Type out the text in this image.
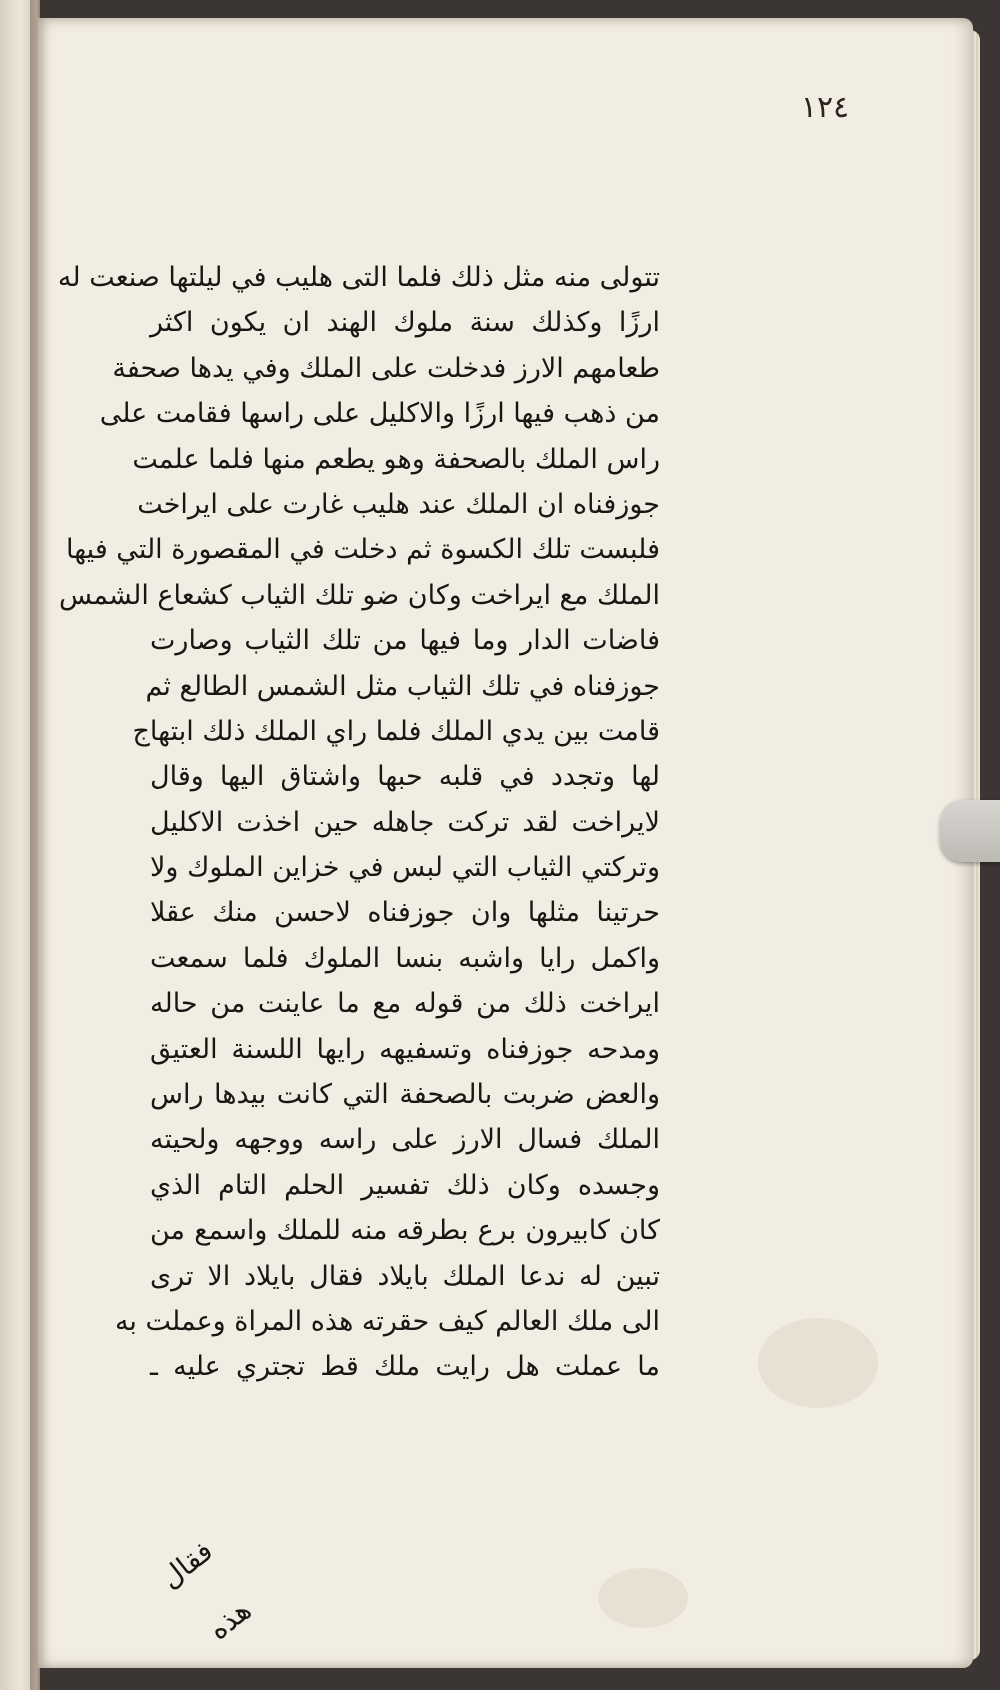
١٢٤
تتولى منه مثل ذلك فلما التى هليب في ليلتها صنعت له
ارزًا وكذلك سنة ملوك الهند ان يكون اكثر
طعامهم الارز فدخلت على الملك وفي يدها صحفة
من ذهب فيها ارزًا والاكليل على راسها فقامت على
راس الملك بالصحفة وهو يطعم منها فلما علمت
جوزفناه ان الملك عند هليب غارت على ايراخت
فلبست تلك الكسوة ثم دخلت في المقصورة التي فيها
الملك مع ايراخت وكان ضو تلك الثياب كشعاع الشمس
فاضات الدار وما فيها من تلك الثياب وصارت
جوزفناه في تلك الثياب مثل الشمس الطالع ثم
قامت بين يدي الملك فلما راي الملك ذلك ابتهاج
لها وتجدد في قلبه حبها واشتاق اليها وقال
لايراخت لقد تركت جاهله حين اخذت الاكليل
وتركتي الثياب التي لبس في خزاين الملوك ولا
حرتينا مثلها وان جوزفناه لاحسن منك عقلا
واكمل رايا واشبه بنسا الملوك فلما سمعت
ايراخت ذلك من قوله مع ما عاينت من حاله
ومدحه جوزفناه وتسفيهه رايها اللسنة العتيق
والعض ضربت بالصحفة التي كانت بيدها راس
الملك فسال الارز على راسه ووجهه ولحيته
وجسده وكان ذلك تفسير الحلم التام الذي
كان كابيرون برع بطرقه منه للملك واسمع من
تبين له ندعا الملك بايلاد فقال بايلاد الا ترى
الى ملك العالم كيف حقرته هذه المراة وعملت به
ما عملت هل رايت ملك قط تجتري عليه ـ
فقال هذه
